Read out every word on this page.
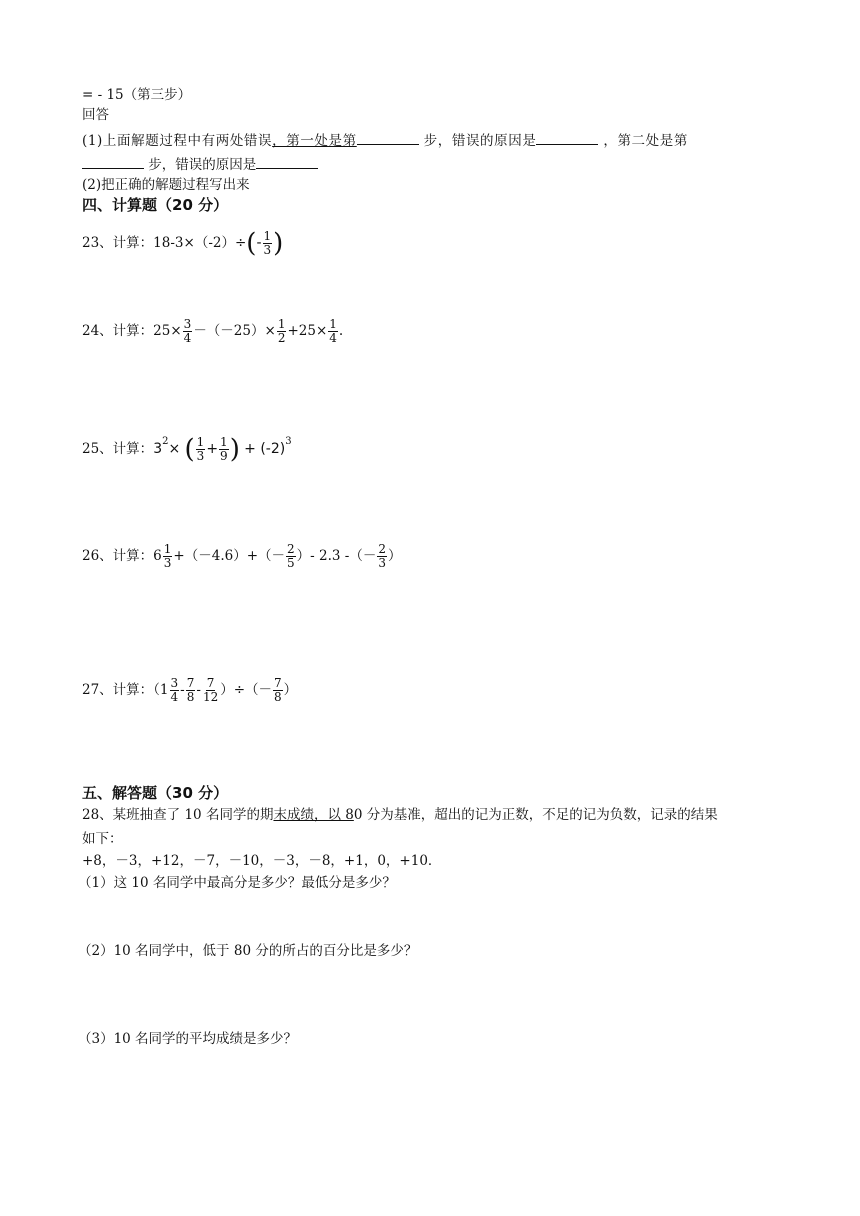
= - 15（第三步）
回答
(1)上面解题过程中有两处错误，第一处是第	步，错误的原因是	，第二处是第
步，错误的原因是
(2)把正确的解题过程写出来
四、计算题（20 分）
23、计算：$18-3\times(-2)\div(- \frac{1}{3}$ )
24、计算：$25\times \frac{3}{4} -(-25)\times \frac{1}{2} +25\times \frac{1}{4}$ .
25、计算：$3^2\times$ ( $\frac{1}{3} + \frac{1}{9}$ ) + $(-2)^3$
26、计算：$6 \frac{1}{3} +(-4.6)+(- \frac{2}{5}$ ）- 2.3 -（－ $\frac{2}{3}$ ）
27、计算：（$1 \frac{3}{4} - \frac{7}{8} - \frac{7}{12}$ ）÷（－ $\frac{7}{8}$ ）
五、解答题（30 分）
28、某班抽查了 10 名同学的期末成绩，以 80 分为基准，超出的记为正数，不足的记为负数，记录的结果
如下：
+8，－3，+12，－7，－10，－3，－8，+1，0，+10．
（1）这 10 名同学中最高分是多少？最低分是多少？
（2）10 名同学中，低于 80 分的所占的百分比是多少？
（3）10 名同学的平均成绩是多少？
